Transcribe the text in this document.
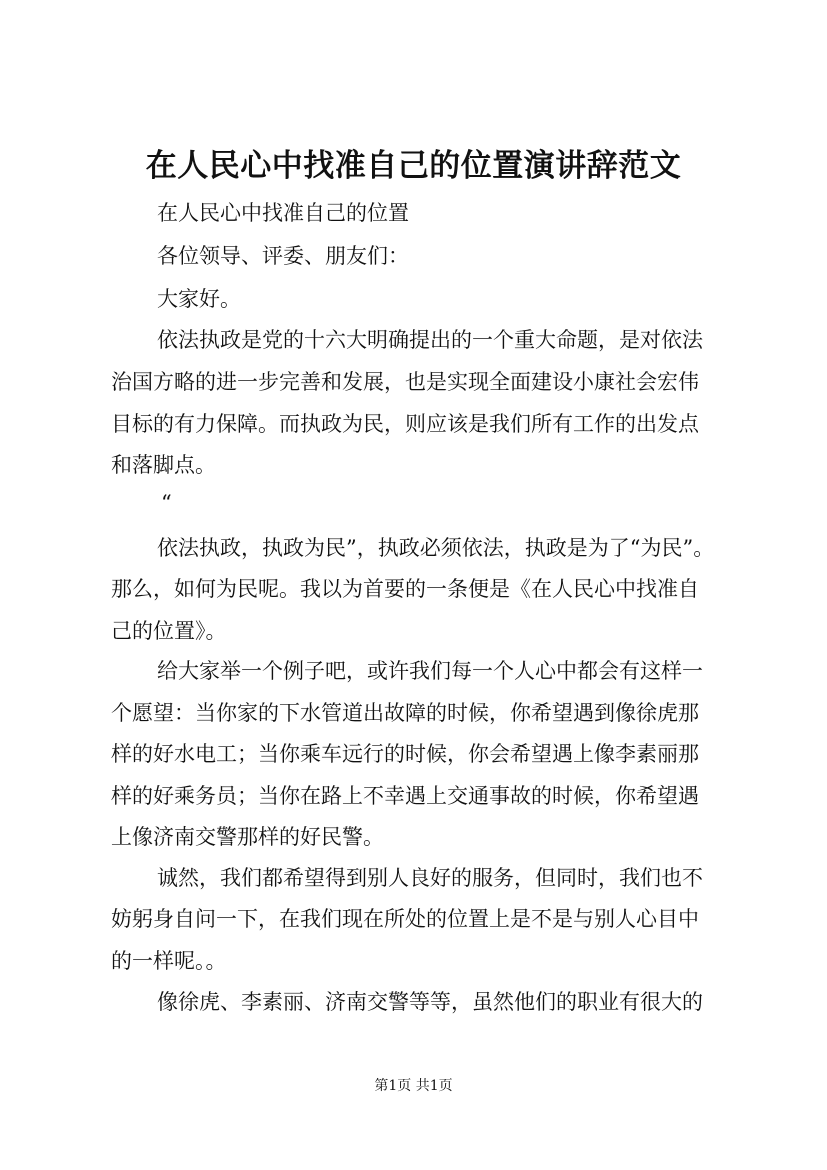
在人民心中找准自己的位置演讲辞范文
在人民心中找准自己的位置
各位领导、评委、朋友们：
大家好。
依法执政是党的十六大明确提出的一个重大命题，是对依法
治国方略的进一步完善和发展，也是实现全面建设小康社会宏伟
目标的有力保障。而执政为民，则应该是我们所有工作的出发点
和落脚点。
“
依法执政，执政为民”，执政必须依法，执政是为了“为民”。
那么，如何为民呢。我以为首要的一条便是《在人民心中找准自
己的位置》。
给大家举一个例子吧，或许我们每一个人心中都会有这样一
个愿望：当你家的下水管道出故障的时候，你希望遇到像徐虎那
样的好水电工；当你乘车远行的时候，你会希望遇上像李素丽那
样的好乘务员；当你在路上不幸遇上交通事故的时候，你希望遇
上像济南交警那样的好民警。
诚然，我们都希望得到别人良好的服务，但同时，我们也不
妨躬身自问一下，在我们现在所处的位置上是不是与别人心目中
的一样呢。。
像徐虎、李素丽、济南交警等等，虽然他们的职业有很大的
第1页 共1页
